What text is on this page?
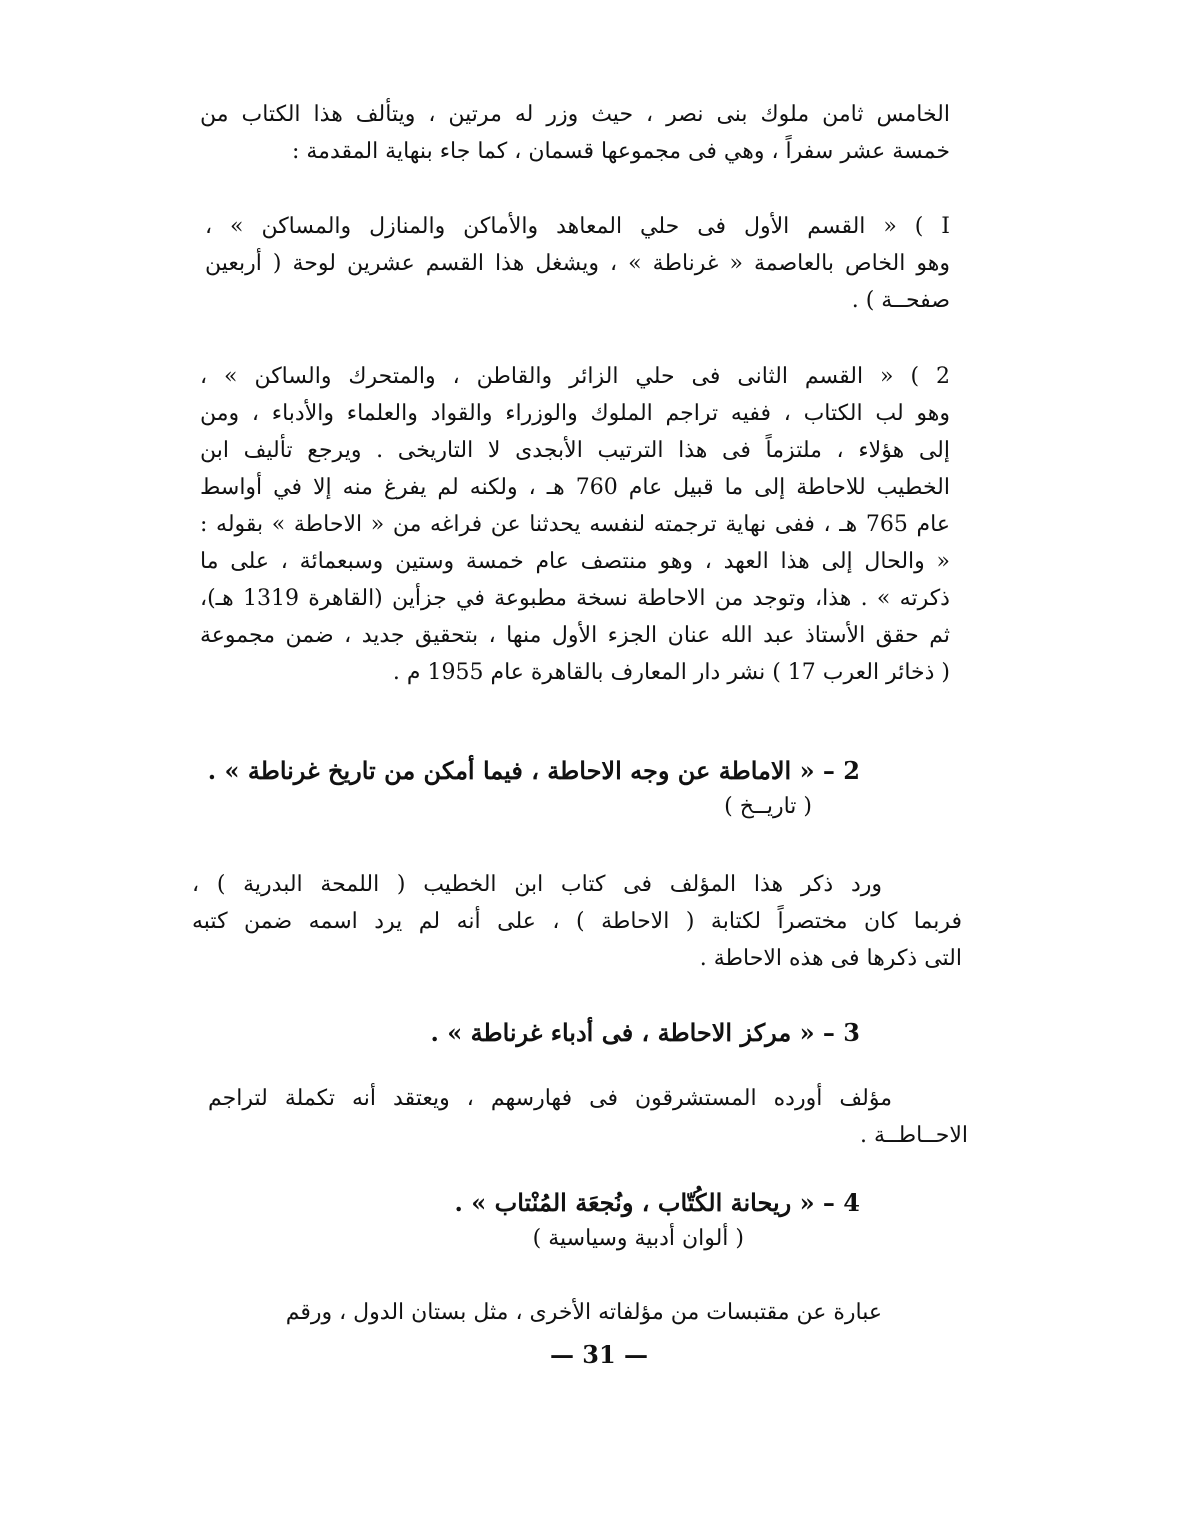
الخامس ثامن ملوك بنى نصر ، حيث وزر له مرتين ، ويتألف هذا الكتاب من
خمسة عشر سفراً ، وهي فى مجموعها قسمان ، كما جاء بنهاية المقدمة :

I ) « القسم الأول فى حلي المعاهد والأماكن والمنازل والمساكن » ،
وهو الخاص بالعاصمة « غرناطة » ، ويشغل هذا القسم عشرين لوحة ( أربعين
صفحــة ) .

2 ) « القسم الثانى فى حلي الزائر والقاطن ، والمتحرك والساكن » ،
وهو لب الكتاب ، ففيه تراجم الملوك والوزراء والقواد والعلماء والأدباء ، ومن
إلى هؤلاء ، ملتزماً فى هذا الترتيب الأبجدى لا التاريخى . ويرجع تأليف ابن
الخطيب للاحاطة إلى ما قبيل عام 760 هـ ، ولكنه لم يفرغ منه إلا في أواسط
عام 765 هـ ، ففى نهاية ترجمته لنفسه يحدثنا عن فراغه من « الاحاطة » بقوله :
« والحال إلى هذا العهد ، وهو منتصف عام خمسة وستين وسبعمائة ، على ما
ذكرته » . هذا، وتوجد من الاحاطة نسخة مطبوعة في جزأين (القاهرة 1319 هـ)،
ثم حقق الأستاذ عبد الله عنان الجزء الأول منها ، بتحقيق جديد ، ضمن مجموعة
( ذخائر العرب 17 ) نشر دار المعارف بالقاهرة عام 1955 م .

2 – « الاماطة عن وجه الاحاطة ، فيما أمكن من تاريخ غرناطة » .

( تاريــخ )

ورد ذكر هذا المؤلف فى كتاب ابن الخطيب ( اللمحة البدرية ) ،
فربما كان مختصراً لكتابة ( الاحاطة ) ، على أنه لم يرد اسمه ضمن كتبه
التى ذكرها فى هذه الاحاطة .

3 – « مركز الاحاطة ، فى أدباء غرناطة » .

مؤلف أورده المستشرقون فى فهارسهم ، ويعتقد أنه تكملة لتراجم
الاحــاطــة .

4 – « ريحانة الكُتّاب ، ونُجعَة المُنْتاب » .

( ألوان أدبية وسياسية )

عبارة عن مقتبسات من مؤلفاته الأخرى ، مثل بستان الدول ، ورقم

— 31 —
